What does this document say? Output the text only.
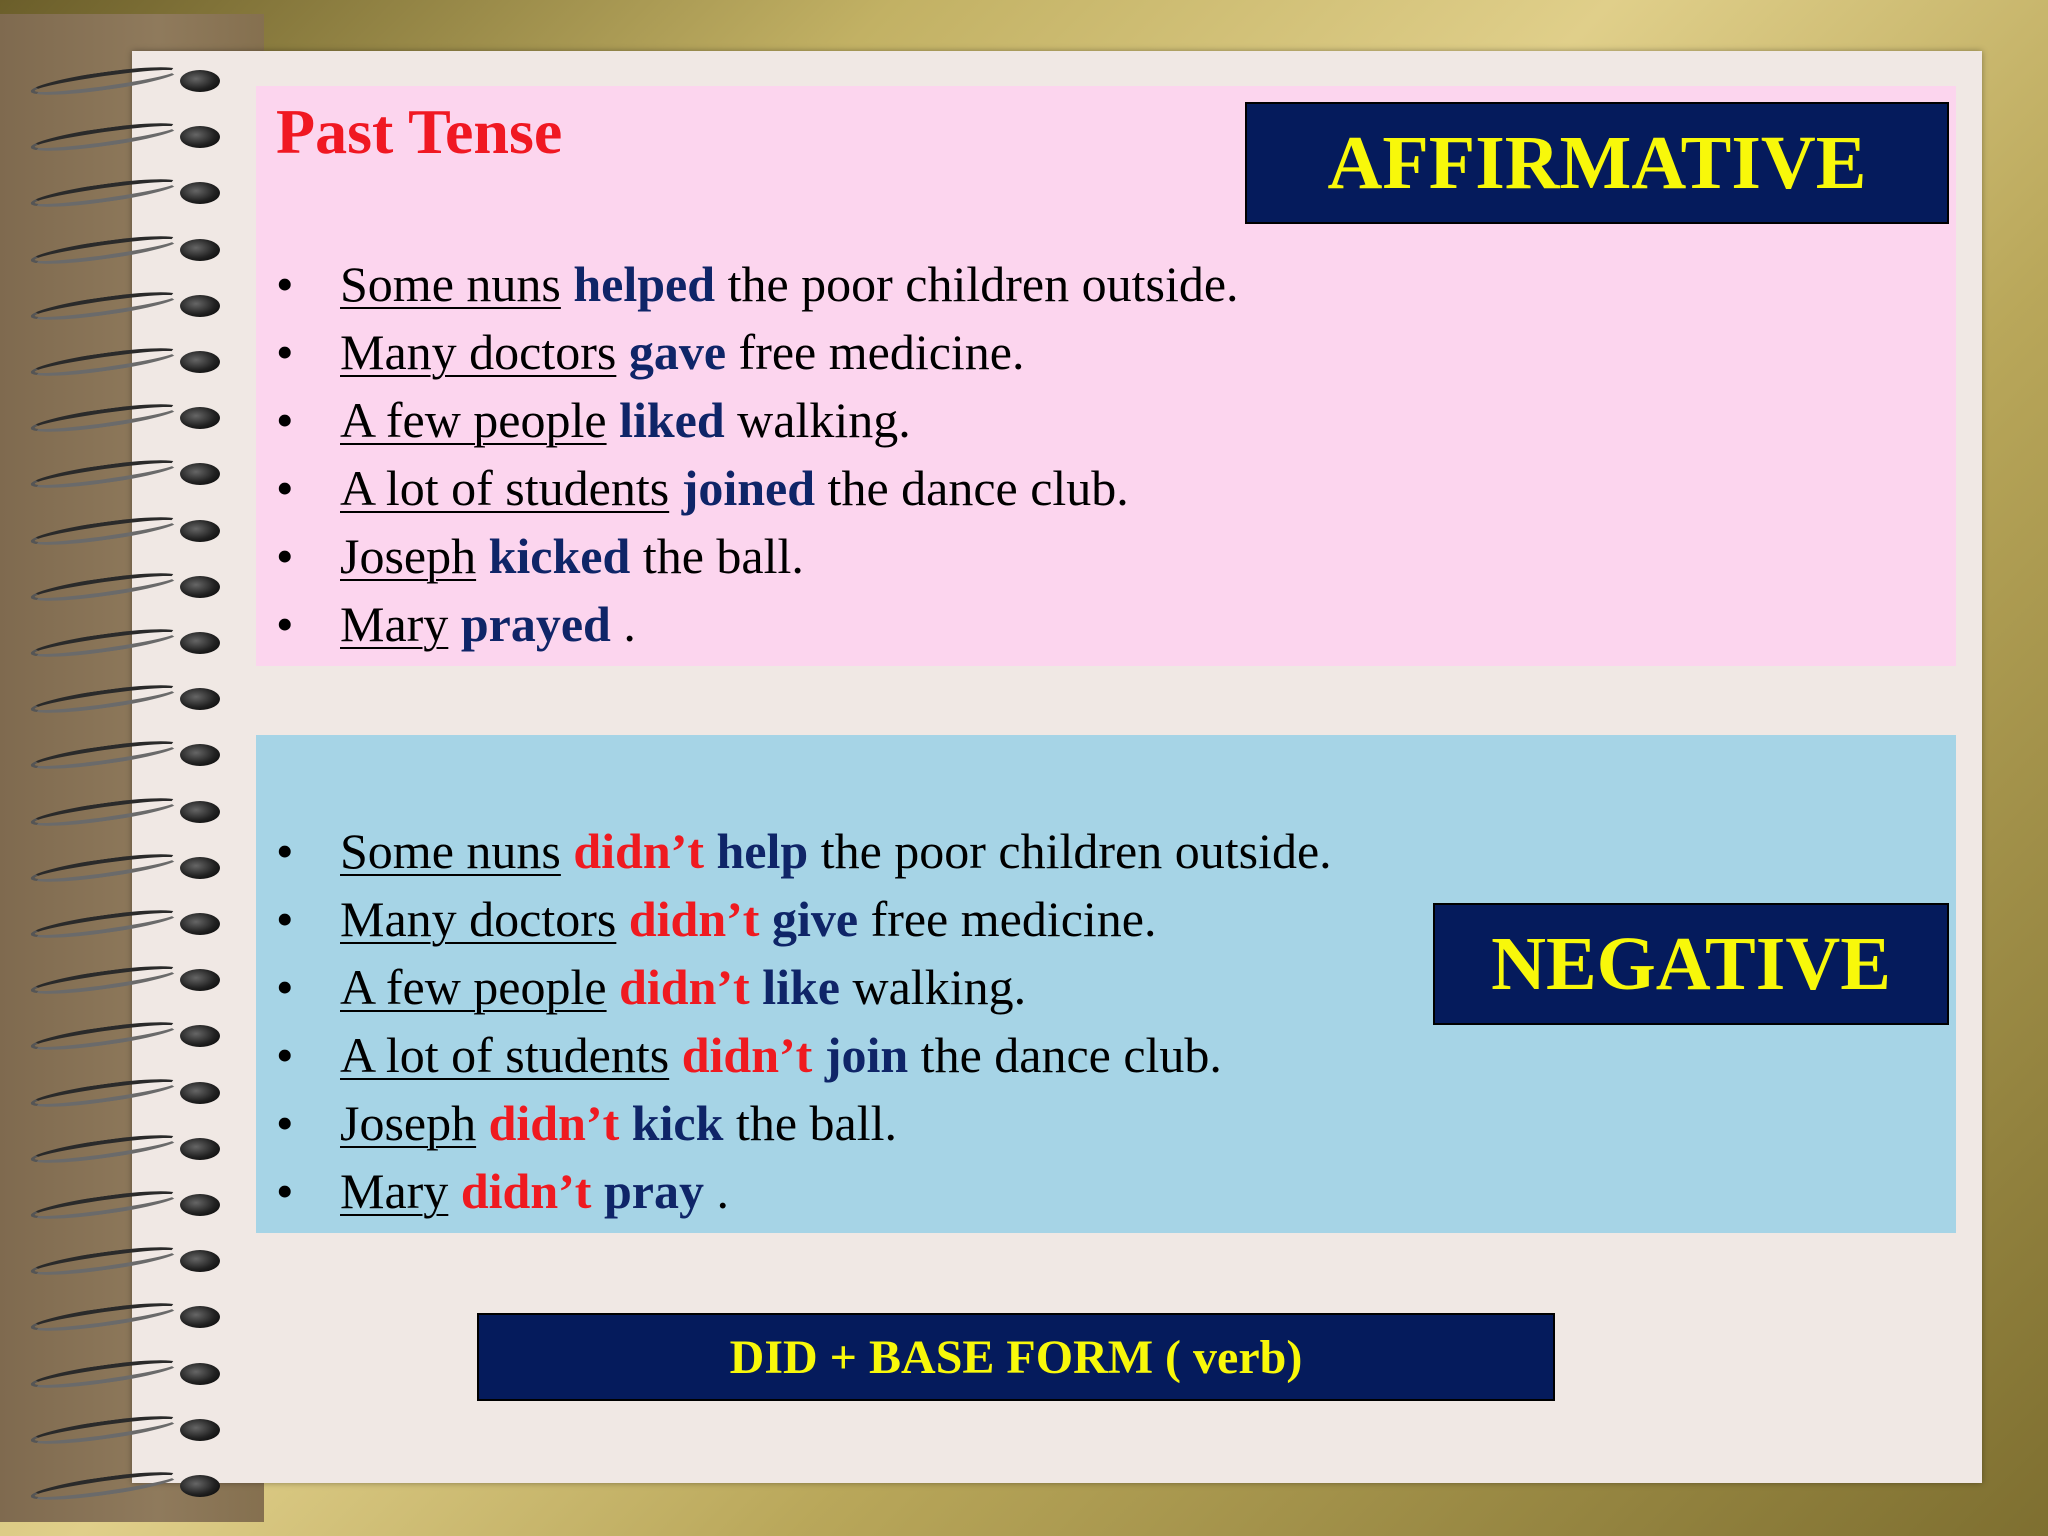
Past Tense	AFFIRMATIVE
• Some nuns helped the poor children outside.
• Many doctors gave free medicine.
• A few people liked walking.
• A lot of students joined the dance club.
• Joseph kicked the ball.
• Mary prayed .
• Some nuns didn’t help the poor children outside.
• Many doctors didn’t give free medicine.
• A few people didn’t like walking.
• A lot of students didn’t join the dance club.
• Joseph didn’t kick the ball.
• Mary didn’t pray .
NEGATIVE
DID + BASE FORM ( verb)
